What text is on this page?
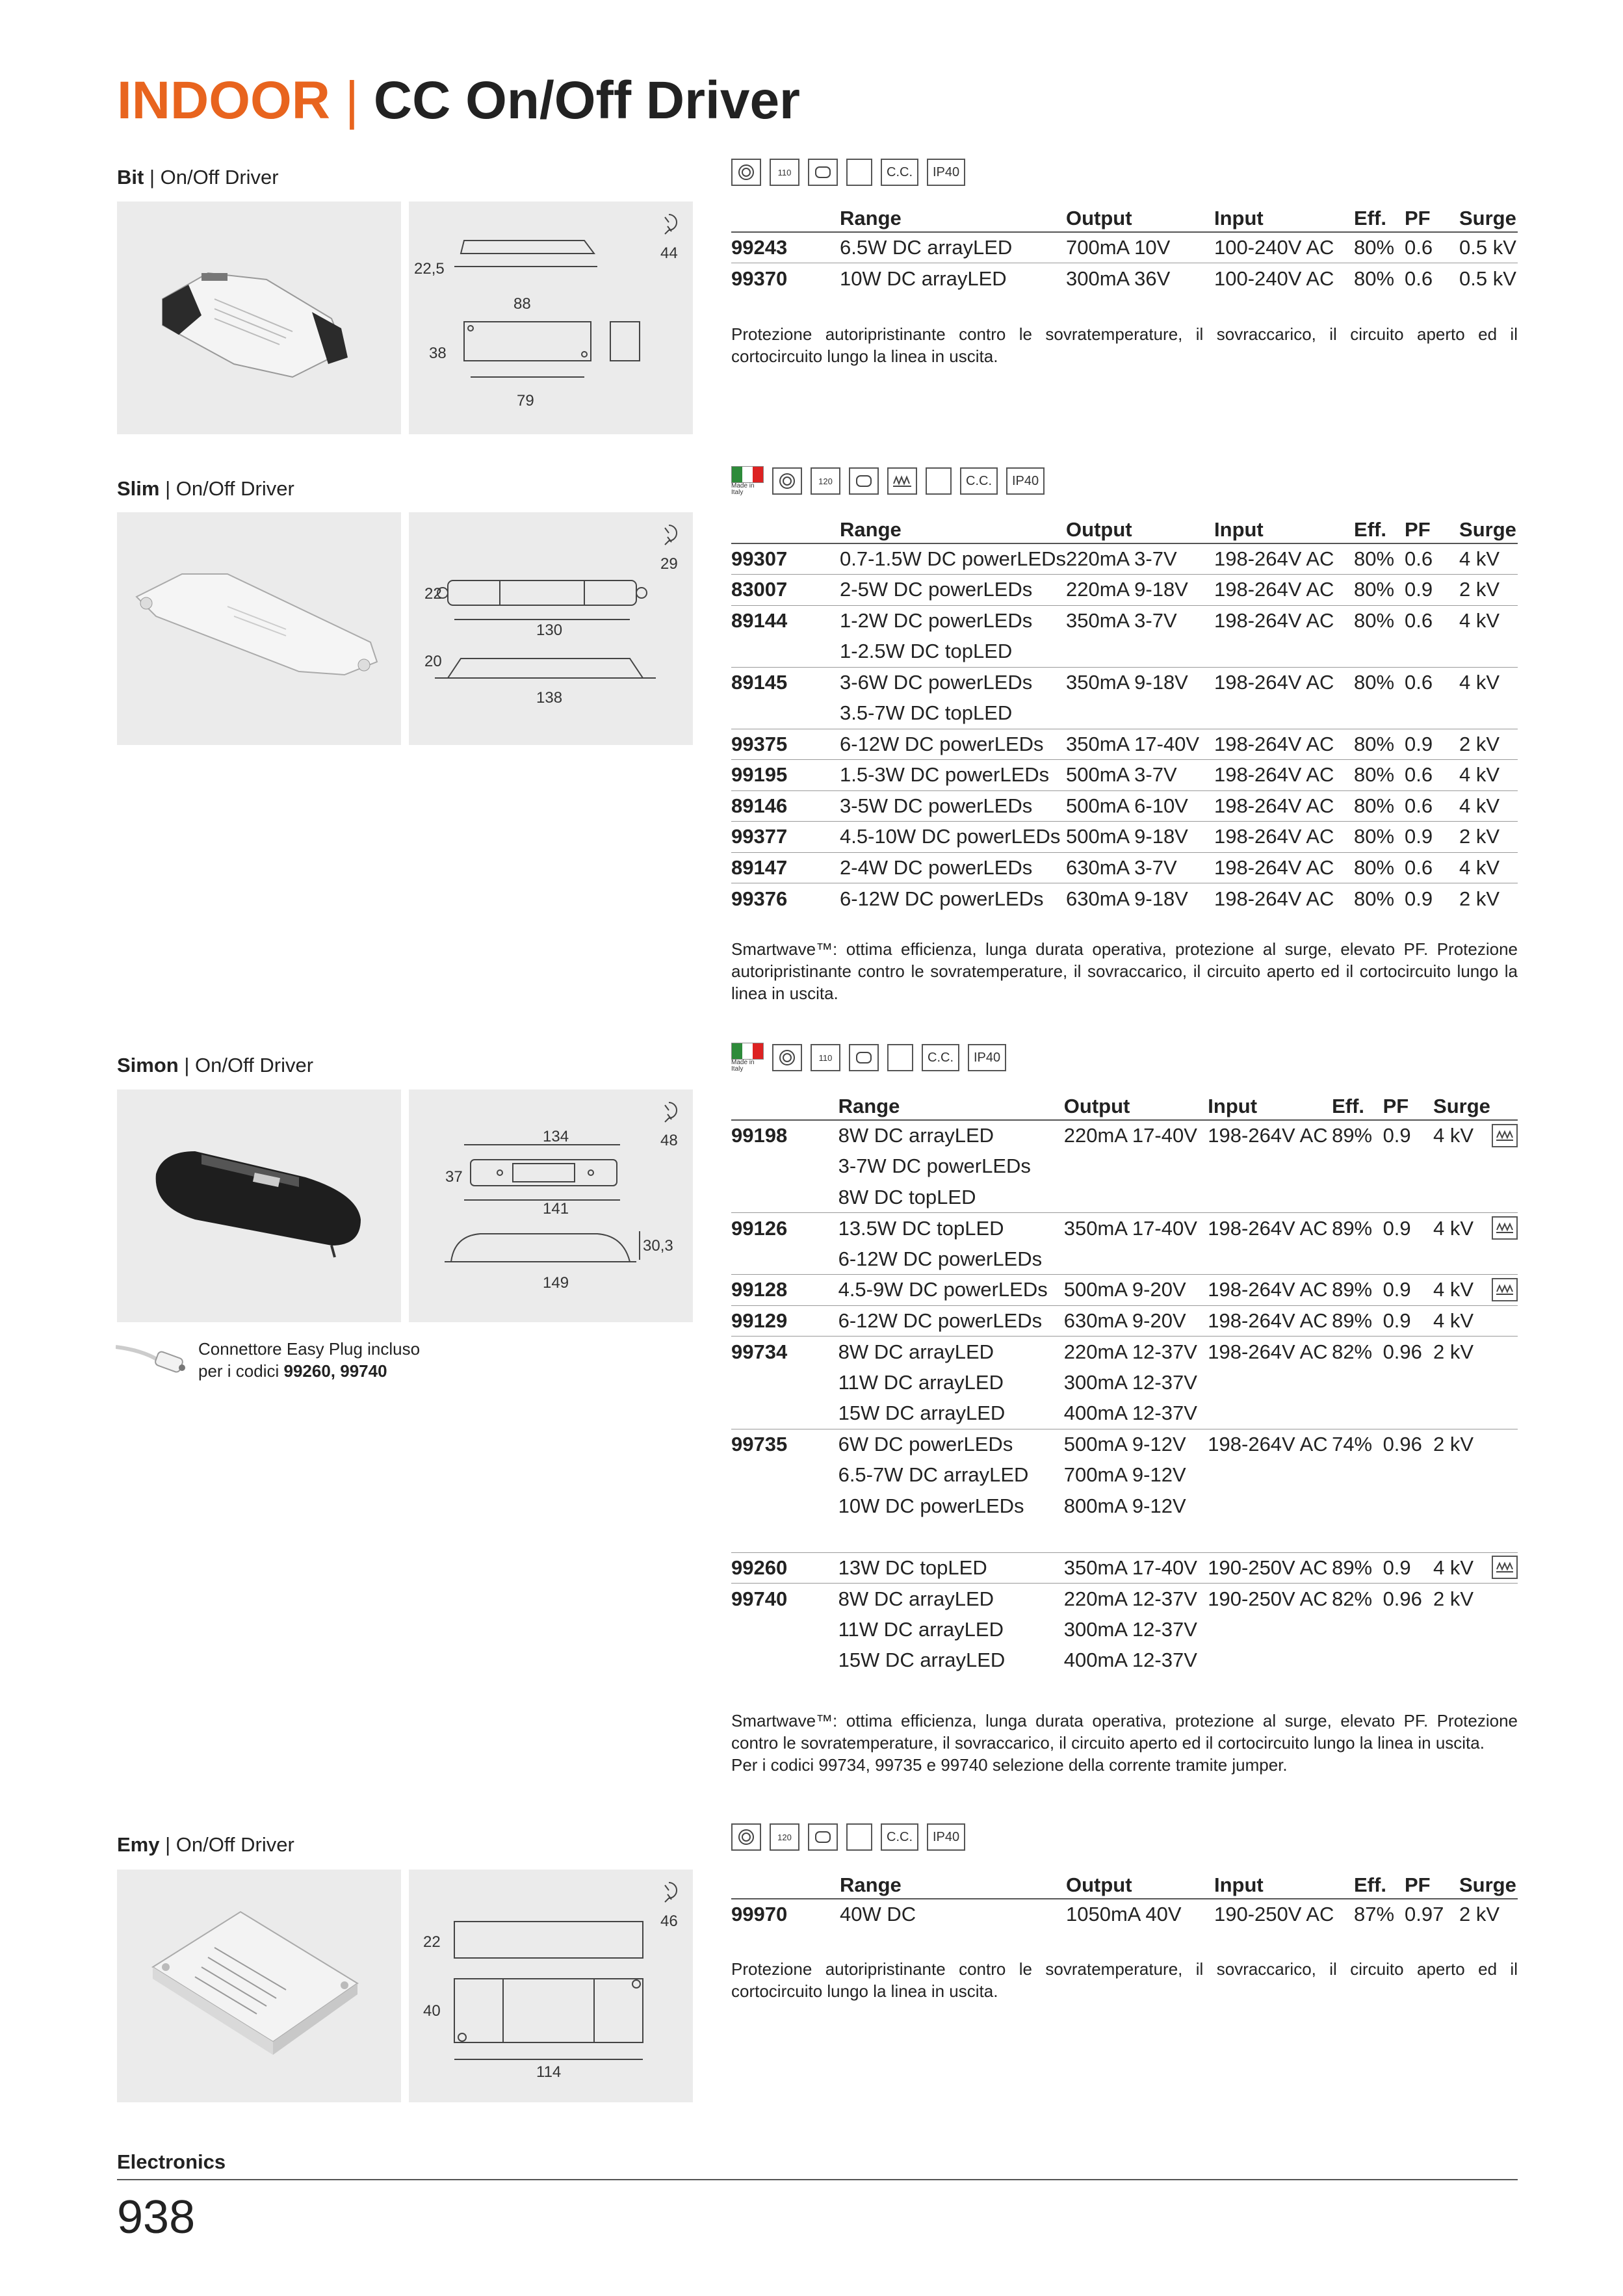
INDOOR | CC On/Off Driver
Bit | On/Off Driver
22,5
88
38
79
44
110	C.C.	IP40
	Range	Output	Input	Eff.	PF	Surge
99243	6.5W DC arrayLED	700mA 10V	100-240V AC	80%	0.6	0.5 kV
99370	10W DC arrayLED	300mA 36V	100-240V AC	80%	0.6	0.5 kV
Protezione autoripristinante contro le sovratemperature, il sovraccarico, il circuito aperto ed il cortocircuito lungo la linea in uscita.
Slim | On/Off Driver
22
130
20
138
29
Made in Italy
120	C.C.	IP40
	Range	Output	Input	Eff.	PF	Surge
99307	0.7-1.5W DC powerLEDs	220mA 3-7V	198-264V AC	80%	0.6	4 kV
83007	2-5W DC powerLEDs	220mA 9-18V	198-264V AC	80%	0.9	2 kV
89144	1-2W DC powerLEDs	350mA 3-7V	198-264V AC	80%	0.6	4 kV
	1-2.5W DC topLED					
89145	3-6W DC powerLEDs	350mA 9-18V	198-264V AC	80%	0.6	4 kV
	3.5-7W DC topLED					
99375	6-12W DC powerLEDs	350mA 17-40V	198-264V AC	80%	0.9	2 kV
99195	1.5-3W DC powerLEDs	500mA 3-7V	198-264V AC	80%	0.6	4 kV
89146	3-5W DC powerLEDs	500mA 6-10V	198-264V AC	80%	0.6	4 kV
99377	4.5-10W DC powerLEDs	500mA 9-18V	198-264V AC	80%	0.9	2 kV
89147	2-4W DC powerLEDs	630mA 3-7V	198-264V AC	80%	0.6	4 kV
99376	6-12W DC powerLEDs	630mA 9-18V	198-264V AC	80%	0.9	2 kV
Smartwave™: ottima efficienza, lunga durata operativa, protezione al surge, elevato PF. Protezione autoripristinante contro le sovratemperature, il sovraccarico, il circuito aperto ed il cortocircuito lungo la linea in uscita.
Simon | On/Off Driver
134
37
141
30,3
149
48
Connettore Easy Plug incluso
per i codici 99260, 99740
Made in Italy
110	C.C.	IP40
	Range	Output	Input	Eff.	PF	Surge	
99198	8W DC arrayLED	220mA 17-40V	198-264V AC	89%	0.9	4 kV	

	3-7W DC powerLEDs						
	8W DC topLED						
99126	13.5W DC topLED	350mA 17-40V	198-264V AC	89%	0.9	4 kV	

	6-12W DC powerLEDs						
99128	4.5-9W DC powerLEDs	500mA 9-20V	198-264V AC	89%	0.9	4 kV	

99129	6-12W DC powerLEDs	630mA 9-20V	198-264V AC	89%	0.9	4 kV	
99734	8W DC arrayLED	220mA 12-37V	198-264V AC	82%	0.96	2 kV	
	11W DC arrayLED	300mA 12-37V					
	15W DC arrayLED	400mA 12-37V					
99735	6W DC powerLEDs	500mA 9-12V	198-264V AC	74%	0.96	2 kV	
	6.5-7W DC arrayLED	700mA 9-12V					
	10W DC powerLEDs	800mA 9-12V					

99260	13W DC topLED	350mA 17-40V	190-250V AC	89%	0.9	4 kV	

99740	8W DC arrayLED	220mA 12-37V	190-250V AC	82%	0.96	2 kV	
	11W DC arrayLED	300mA 12-37V					
	15W DC arrayLED	400mA 12-37V					
Smartwave™: ottima efficienza, lunga durata operativa, protezione al surge, elevato PF. Protezione contro le sovratemperature, il sovraccarico, il circuito aperto ed il cortocircuito lungo la linea in uscita.
Per i codici 99734, 99735 e 99740 selezione della corrente tramite jumper.
Emy | On/Off Driver
22
40
114
46
120	C.C.	IP40
	Range	Output	Input	Eff.	PF	Surge
99970	40W DC	1050mA 40V	190-250V AC	87%	0.97	2 kV
Protezione autoripristinante contro le sovratemperature, il sovraccarico, il circuito aperto ed il cortocircuito lungo la linea in uscita.
Electronics
938
